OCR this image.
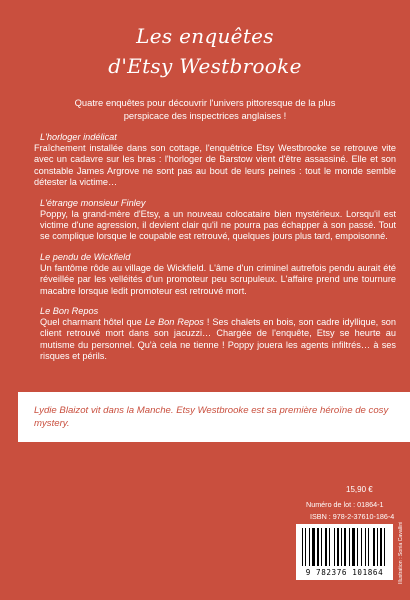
Les enquêtes
d'Etsy Westbrooke
Quatre enquêtes pour découvrir l'univers pittoresque de la plus perspicace des inspectrices anglaises !
L'horloger indélicat
Fraîchement installée dans son cottage, l'enquêtrice Etsy Westbrooke se retrouve vite avec un cadavre sur les bras : l'horloger de Barstow vient d'être assassiné. Elle et son constable James Argrove ne sont pas au bout de leurs peines : tout le monde semble détester la victime…
L'étrange monsieur Finley
Poppy, la grand-mère d'Etsy, a un nouveau colocataire bien mystérieux. Lorsqu'il est victime d'une agression, il devient clair qu'il ne pourra pas échapper à son passé. Tout se complique lorsque le coupable est retrouvé, quelques jours plus tard, empoisonné.
Le pendu de Wickfield
Un fantôme rôde au village de Wickfield. L'âme d'un criminel autrefois pendu aurait été réveillée par les velléités d'un promoteur peu scrupuleux. L'affaire prend une tournure macabre lorsque ledit promoteur est retrouvé mort.
Le Bon Repos
Quel charmant hôtel que Le Bon Repos ! Ses chalets en bois, son cadre idyllique, son client retrouvé mort dans son jacuzzi… Chargée de l'enquête, Etsy se heurte au mutisme du personnel. Qu'à cela ne tienne ! Poppy jouera les agents infiltrés… à ses risques et périls.
Lydie Blaizot vit dans la Manche. Etsy Westbrooke est sa première héroïne de cosy mystery.
15,90 €
Numéro de lot : 01864-1
ISBN : 978-2-37610-186-4
9 782376 101864	Illustration : Sonia Cavallini
